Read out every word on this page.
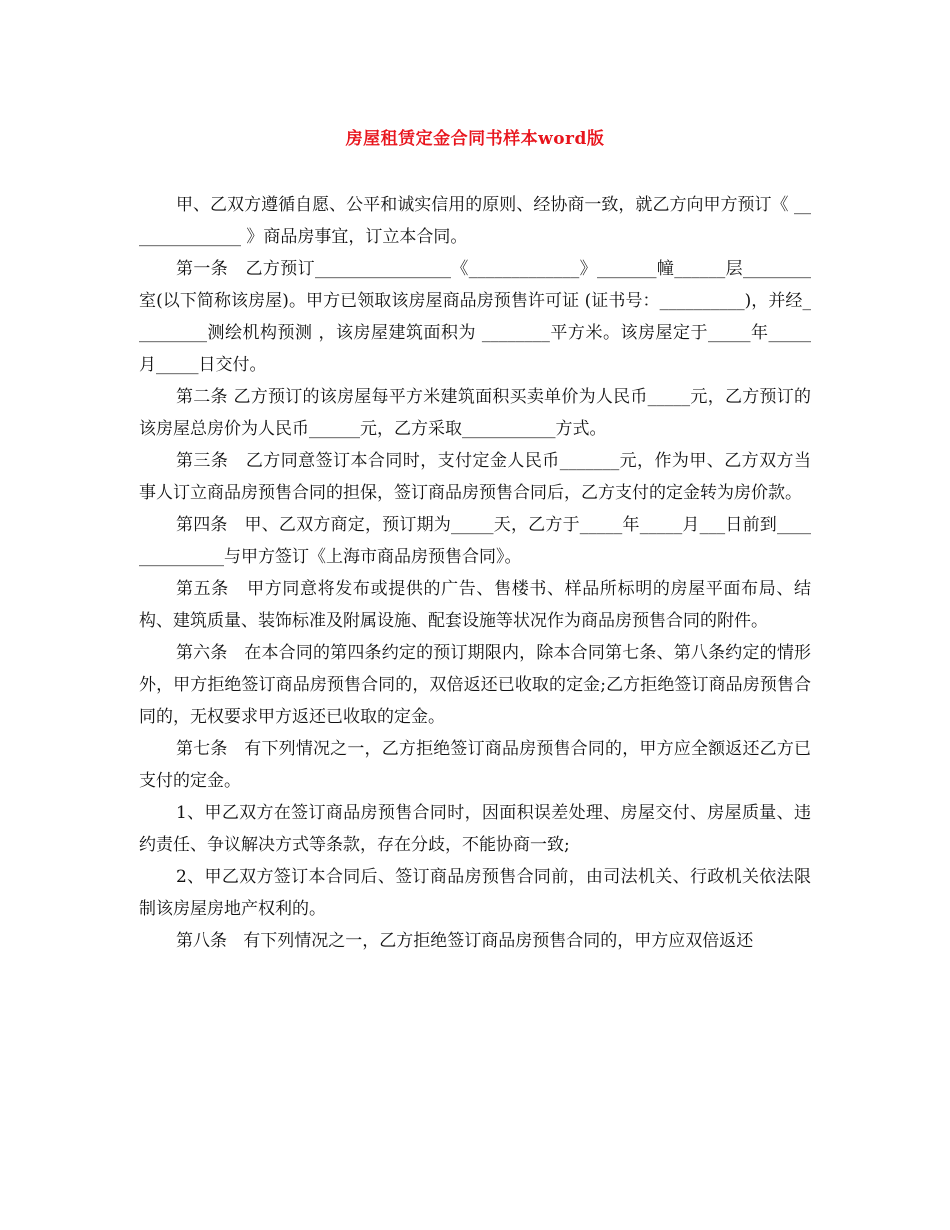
房屋租赁定金合同书样本word版

甲、乙双方遵循自愿、公平和诚实信用的原则、经协商一致，就乙方向甲方预订《 ______________ 》商品房事宜，订立本合同。

第一条   乙方预订________________《_____________》_______幢______层________室(以下简称该房屋)。甲方已领取该房屋商品房预售许可证 (证书号：__________)，并经_________测绘机构预测 ，该房屋建筑面积为 ________平方米。该房屋定于_____年_____月_____日交付。

第二条 乙方预订的该房屋每平方米建筑面积买卖单价为人民币_____元，乙方预订的该房屋总房价为人民币______元，乙方采取___________方式。

第三条   乙方同意签订本合同时，支付定金人民币_______元，作为甲、乙方双方当事人订立商品房预售合同的担保，签订商品房预售合同后，乙方支付的定金转为房价款。

第四条   甲、乙双方商定，预订期为_____天，乙方于_____年_____月___日前到______________与甲方签订《上海市商品房预售合同》。

第五条   甲方同意将发布或提供的广告、售楼书、样品所标明的房屋平面布局、结构、建筑质量、装饰标准及附属设施、配套设施等状况作为商品房预售合同的附件。

第六条   在本合同的第四条约定的预订期限内，除本合同第七条、第八条约定的情形外，甲方拒绝签订商品房预售合同的，双倍返还已收取的定金;乙方拒绝签订商品房预售合同的，无权要求甲方返还已收取的定金。

第七条   有下列情况之一，乙方拒绝签订商品房预售合同的，甲方应全额返还乙方已支付的定金。

1、甲乙双方在签订商品房预售合同时，因面积误差处理、房屋交付、房屋质量、违约责任、争议解决方式等条款，存在分歧，不能协商一致;

2、甲乙双方签订本合同后、签订商品房预售合同前，由司法机关、行政机关依法限制该房屋房地产权利的。

第八条   有下列情况之一，乙方拒绝签订商品房预售合同的，甲方应双倍返还
